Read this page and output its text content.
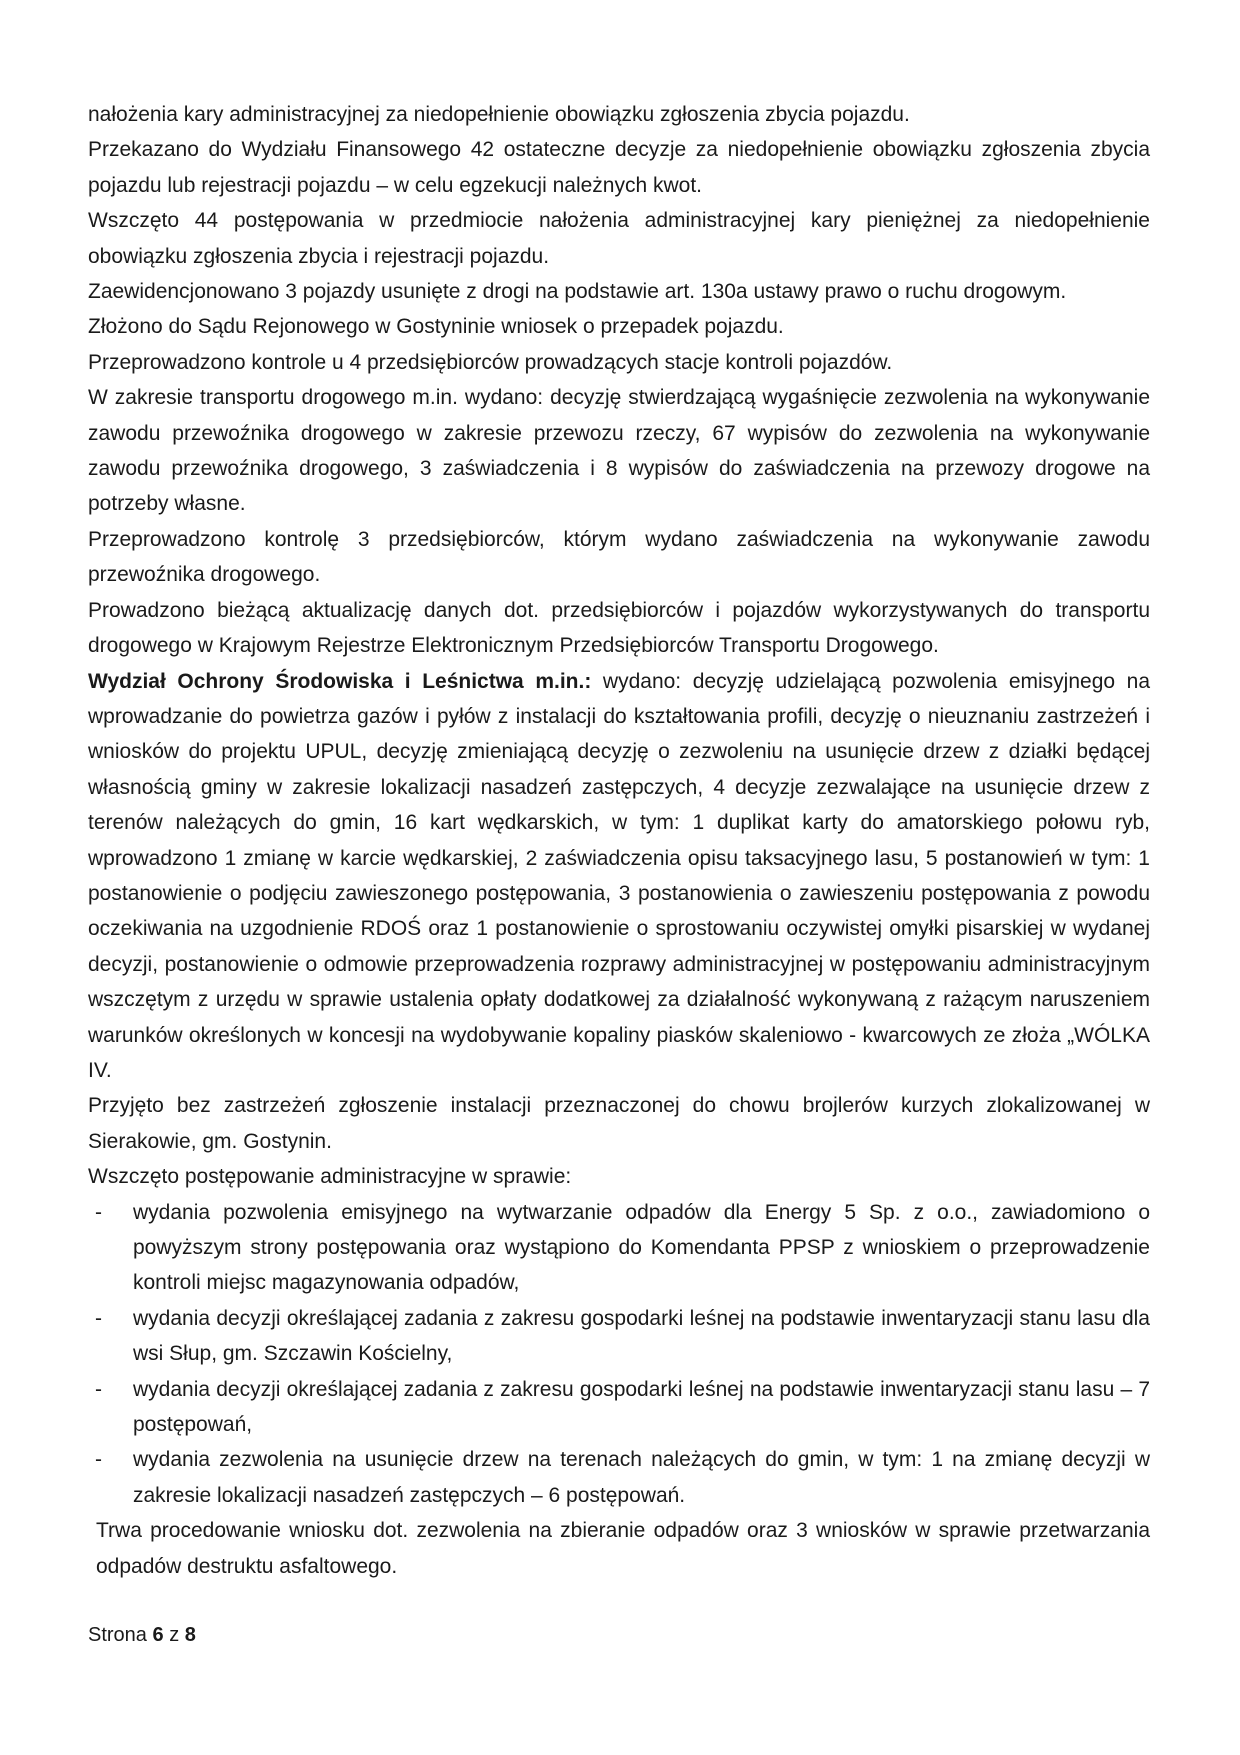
nałożenia kary administracyjnej za niedopełnienie obowiązku zgłoszenia zbycia pojazdu.

Przekazano do Wydziału Finansowego 42 ostateczne decyzje za niedopełnienie obowiązku zgłoszenia zbycia pojazdu lub rejestracji pojazdu – w celu egzekucji należnych kwot.

Wszczęto 44 postępowania w przedmiocie nałożenia administracyjnej kary pieniężnej za niedopełnienie obowiązku zgłoszenia zbycia i rejestracji pojazdu.

Zaewidencjonowano 3 pojazdy usunięte z drogi na podstawie art. 130a ustawy prawo o ruchu drogowym.

Złożono do Sądu Rejonowego w Gostyninie wniosek o przepadek pojazdu.

Przeprowadzono kontrole u 4 przedsiębiorców prowadzących stacje kontroli pojazdów.

W zakresie transportu drogowego m.in. wydano: decyzję stwierdzającą wygaśnięcie zezwolenia na wykonywanie zawodu przewoźnika drogowego w zakresie przewozu rzeczy, 67 wypisów do zezwolenia na wykonywanie zawodu przewoźnika drogowego, 3 zaświadczenia i 8 wypisów do zaświadczenia na przewozy drogowe na potrzeby własne.

Przeprowadzono kontrolę 3 przedsiębiorców, którym wydano zaświadczenia na wykonywanie zawodu przewoźnika drogowego.

Prowadzono bieżącą aktualizację danych dot. przedsiębiorców i pojazdów wykorzystywanych do transportu drogowego w Krajowym Rejestrze Elektronicznym Przedsiębiorców Transportu Drogowego.

Wydział Ochrony Środowiska i Leśnictwa m.in.: wydano: decyzję udzielającą pozwolenia emisyjnego na wprowadzanie do powietrza gazów i pyłów z instalacji do kształtowania profili, decyzję o nieuznaniu zastrzeżeń i wniosków do projektu UPUL, decyzję zmieniającą decyzję o zezwoleniu na usunięcie drzew z działki będącej własnością gminy w zakresie lokalizacji nasadzeń zastępczych, 4 decyzje zezwalające na usunięcie drzew z terenów należących do gmin, 16 kart wędkarskich, w tym: 1 duplikat karty do amatorskiego połowu ryb, wprowadzono 1 zmianę w karcie wędkarskiej, 2 zaświadczenia opisu taksacyjnego lasu, 5 postanowień w tym: 1 postanowienie o podjęciu zawieszonego postępowania, 3 postanowienia o zawieszeniu postępowania z powodu oczekiwania na uzgodnienie RDOŚ oraz 1 postanowienie o sprostowaniu oczywistej omyłki pisarskiej w wydanej decyzji, postanowienie o odmowie przeprowadzenia rozprawy administracyjnej w postępowaniu administracyjnym wszczętym z urzędu w sprawie ustalenia opłaty dodatkowej za działalność wykonywaną z rażącym naruszeniem warunków określonych w koncesji na wydobywanie kopaliny piasków skaleniowo - kwarcowych ze złoża „WÓLKA IV.

Przyjęto bez zastrzeżeń zgłoszenie instalacji przeznaczonej do chowu brojlerów kurzych zlokalizowanej w Sierakowie, gm. Gostynin.

Wszczęto postępowanie administracyjne w sprawie:

- wydania pozwolenia emisyjnego na wytwarzanie odpadów dla Energy 5 Sp. z o.o., zawiadomiono o powyższym strony postępowania oraz wystąpiono do Komendanta PPSP z wnioskiem o przeprowadzenie kontroli miejsc magazynowania odpadów,
- wydania decyzji określającej zadania z zakresu gospodarki leśnej na podstawie inwentaryzacji stanu lasu dla wsi Słup, gm. Szczawin Kościelny,
- wydania decyzji określającej zadania z zakresu gospodarki leśnej na podstawie inwentaryzacji stanu lasu – 7 postępowań,
- wydania zezwolenia na usunięcie drzew na terenach należących do gmin, w tym: 1 na zmianę decyzji w zakresie lokalizacji nasadzeń zastępczych – 6 postępowań.

Trwa procedowanie wniosku dot. zezwolenia na zbieranie odpadów oraz 3 wniosków w sprawie przetwarzania odpadów destruktu asfaltowego.

Strona 6 z 8
